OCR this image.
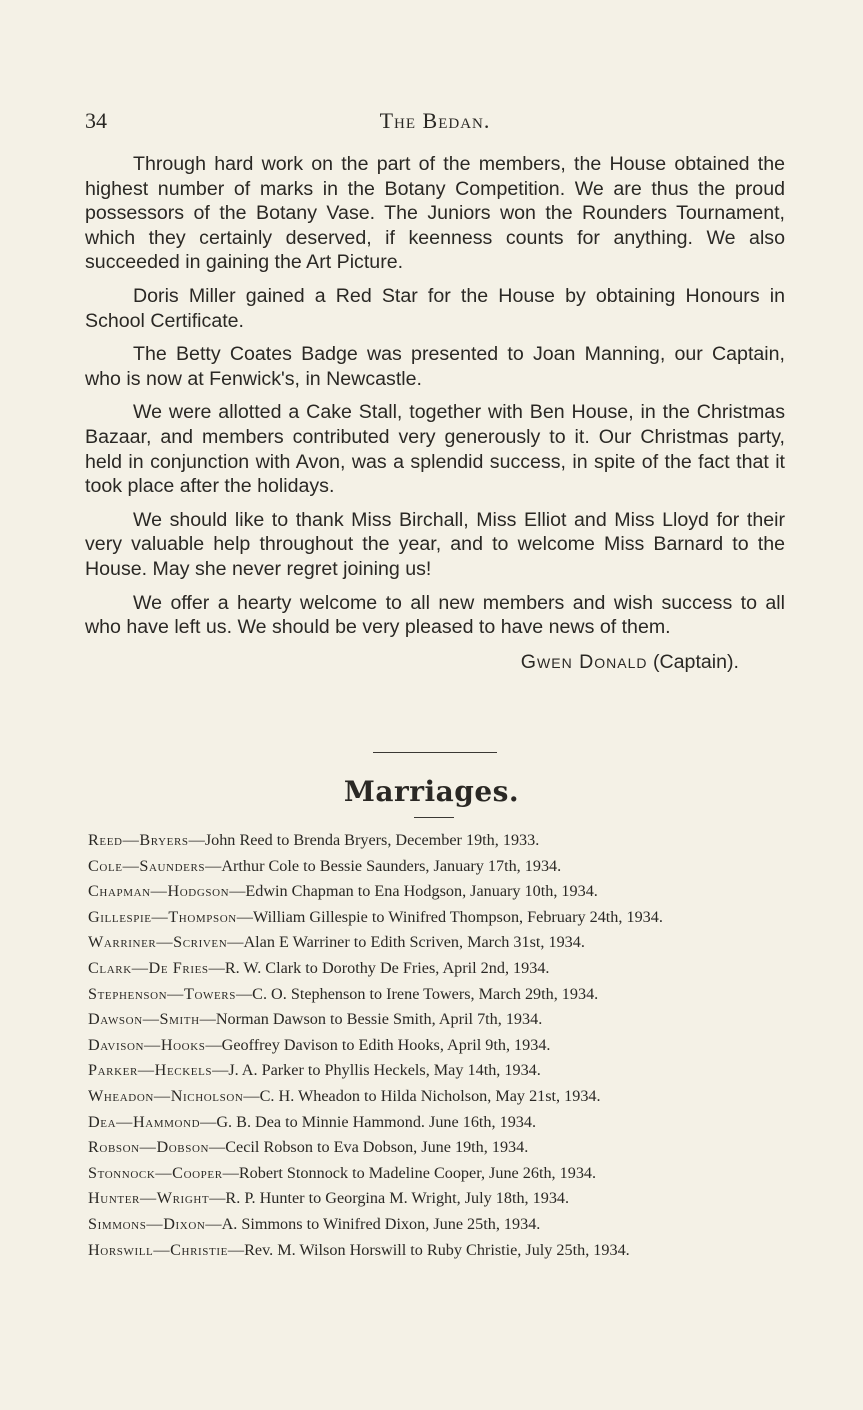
34	The Bedan.

Through hard work on the part of the members, the House obtained the highest number of marks in the Botany Competition. We are thus the proud possessors of the Botany Vase. The Juniors won the Rounders Tournament, which they certainly deserved, if keenness counts for anything. We also succeeded in gaining the Art Picture.

Doris Miller gained a Red Star for the House by obtaining Honours in School Certificate.

The Betty Coates Badge was presented to Joan Manning, our Captain, who is now at Fenwick's, in Newcastle.

We were allotted a Cake Stall, together with Ben House, in the Christmas Bazaar, and members contributed very generously to it. Our Christmas party, held in conjunction with Avon, was a splendid success, in spite of the fact that it took place after the holidays.

We should like to thank Miss Birchall, Miss Elliot and Miss Lloyd for their very valuable help throughout the year, and to welcome Miss Barnard to the House. May she never regret joining us!

We offer a hearty welcome to all new members and wish success to all who have left us. We should be very pleased to have news of them.

Gwen Donald (Captain).
Marriages.

Reed—Bryers—John Reed to Brenda Bryers, December 19th, 1933.

Cole—Saunders—Arthur Cole to Bessie Saunders, January 17th, 1934.

Chapman—Hodgson—Edwin Chapman to Ena Hodgson, January 10th, 1934.

Gillespie—Thompson—William Gillespie to Winifred Thompson, February 24th, 1934.

Warriner—Scriven—Alan E Warriner to Edith Scriven, March 31st, 1934.

Clark—De Fries—R. W. Clark to Dorothy De Fries, April 2nd, 1934.

Stephenson—Towers—C. O. Stephenson to Irene Towers, March 29th, 1934.

Dawson—Smith—Norman Dawson to Bessie Smith, April 7th, 1934.

Davison—Hooks—Geoffrey Davison to Edith Hooks, April 9th, 1934.

Parker—Heckels—J. A. Parker to Phyllis Heckels, May 14th, 1934.

Wheadon—Nicholson—C. H. Wheadon to Hilda Nicholson, May 21st, 1934.

Dea—Hammond—G. B. Dea to Minnie Hammond. June 16th, 1934.

Robson—Dobson—Cecil Robson to Eva Dobson, June 19th, 1934.

Stonnock—Cooper—Robert Stonnock to Madeline Cooper, June 26th, 1934.

Hunter—Wright—R. P. Hunter to Georgina M. Wright, July 18th, 1934.

Simmons—Dixon—A. Simmons to Winifred Dixon, June 25th, 1934.

Horswill—Christie—Rev. M. Wilson Horswill to Ruby Christie, July 25th, 1934.
